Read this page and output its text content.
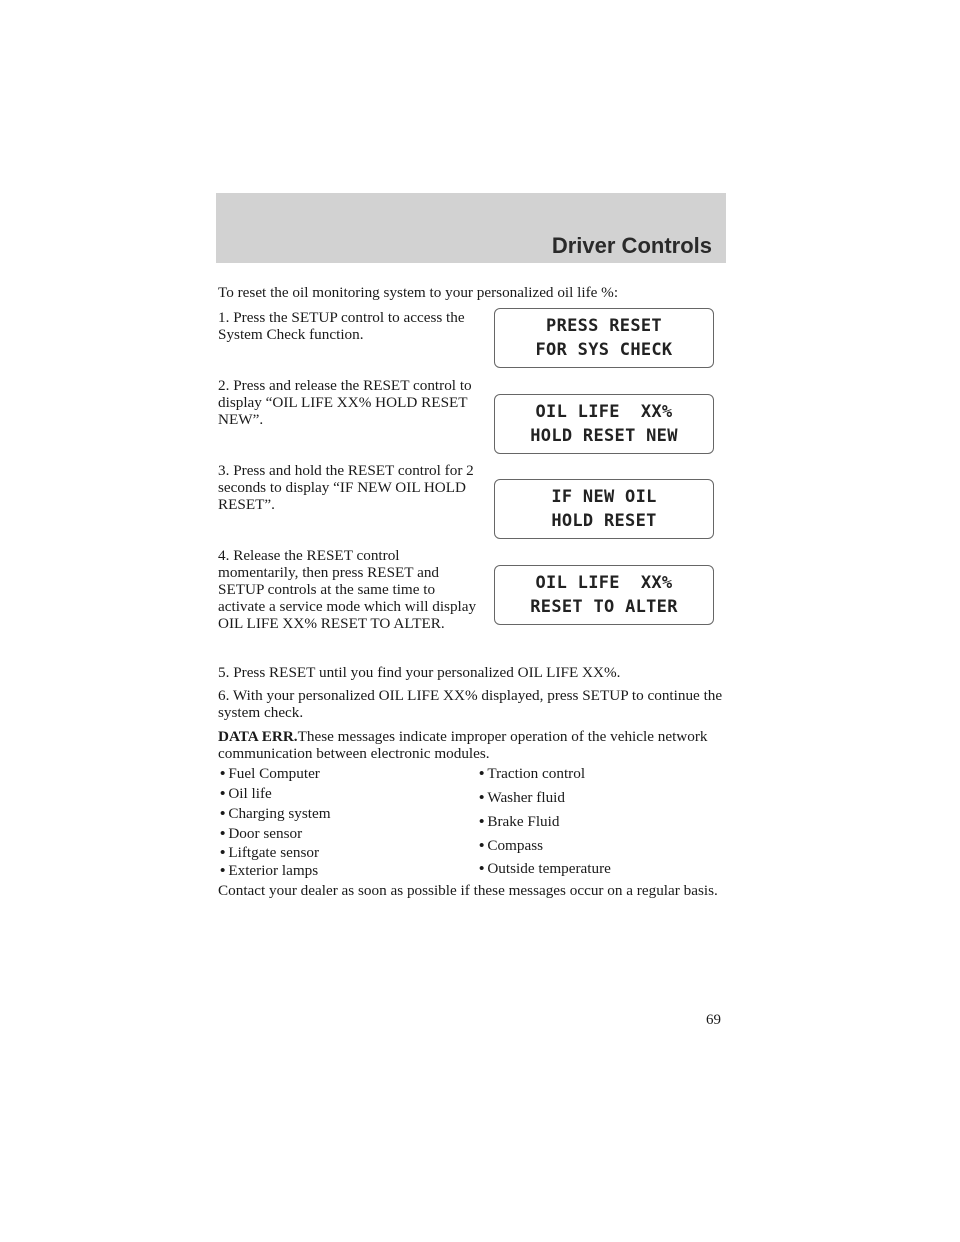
Driver Controls

To reset the oil monitoring system to your personalized oil life %:

1. Press the SETUP control to access the System Check function.

2. Press and release the RESET control to display “OIL LIFE XX% HOLD RESET NEW”.

3. Press and hold the RESET control for 2 seconds to display “IF NEW OIL HOLD RESET”.

4. Release the RESET control momentarily, then press RESET and SETUP controls at the same time to activate a service mode which will display OIL LIFE XX% RESET TO ALTER.

PRESS RESET
FOR SYS CHECK
OIL LIFE  XX%
HOLD RESET NEW
IF NEW OIL
HOLD RESET
OIL LIFE  XX%
RESET TO ALTER

5. Press RESET until you find your personalized OIL LIFE XX%.

6. With your personalized OIL LIFE XX% displayed, press SETUP to continue the system check.

DATA ERR.These messages indicate improper operation of the vehicle network communication between electronic modules.

• Fuel Computer
• Oil life
• Charging system
• Door sensor
• Liftgate sensor
• Exterior lamps
• Traction control
• Washer fluid
• Brake Fluid
• Compass
• Outside temperature

Contact your dealer as soon as possible if these messages occur on a regular basis.

69
